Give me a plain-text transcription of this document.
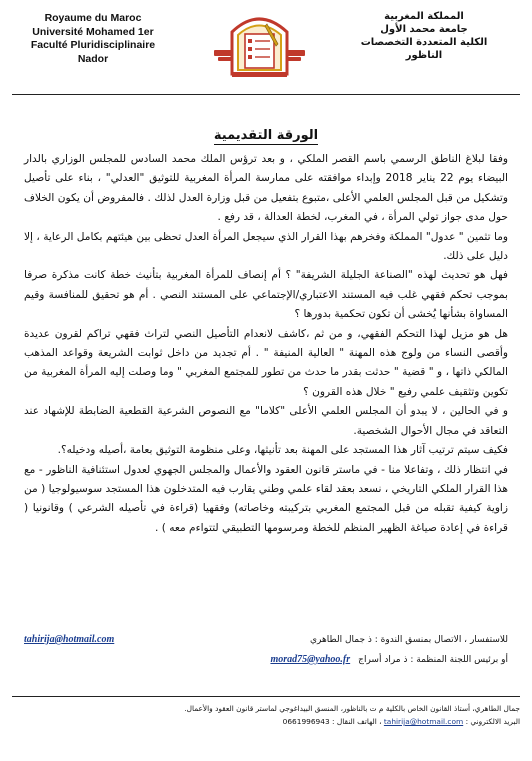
Royaume du Maroc
Université Mohamed 1er
Faculté Pluridisciplinaire
Nador
المملكة المغربية
جامعة محمد الأول
الكلية المتعددة التخصصات
الناظور
الورقة التقديمية

وفقا لبلاغ الناطق الرسمي باسم القصر الملكي ، و بعد ترؤس الملك محمد السادس للمجلس الوزاري بالدار البيضاء يوم 22 يناير 2018 وإبداء موافقته على ممارسة المرأة المغربية للتوثيق "العدلي" ، بناء على تأصيل وتشكيل من قبل المجلس العلمي الأعلى ،متبوع بتفعيل من قبل وزارة العدل لذلك . فالمفروض أن يكون الخلاف حول مدى جواز تولي المرأة ، في المغرب، لخطة العدالة ، قد رفع .

وما تثمين " عدول" المملكة وفخرهم بهذا القرار الذي سيجعل المرأة العدل تحظى بين هيئتهم بكامل الرعاية ، إلا دليل على ذلك.

فهل هو تحديث لهذه "الصناعة الجليلة الشريفة" ؟ أم إنصاف للمرأة المغربية بتأنيث خطة كانت مذكرة صرفا بموجب تحكم فقهي غلب فيه المستند الاعتباري/الإجتماعي على المستند النصي . أم هو تحقيق للمنافسة وقيم المساواة بشأنها يُخشى أن تكون تحكمية بدورها ؟

هل هو مزيل لهذا التحكم الفقهي، و من ثم ،كاشف لانعدام التأصيل النصي لتراث فقهي تراكم لقرون عديدة وأقصى النساء من ولوج هذه المهنة " العالية المنيفة " . أم تجديد من داخل ثوابت الشريعة وقواعد المذهب المالكي ذاتها ، و " قضية " حدثت بقدر ما حدث من تطور للمجتمع المغربي " وما وصلت إليه المرأة المغربية من تكوين وتثقيف علمي رفيع " خلال هذه القرون ؟

و في الحالين ، لا يبدو أن المجلس العلمي الأعلى "كلاما" مع النصوص الشرعية القطعية الضابطة للإشهاد عند التعاقد في مجال الأحوال الشخصية.

فكيف سيتم ترتيب آثار هذا المستجد على المهنة بعد تأنيثها، وعلى منظومة التوثيق بعامة ،أصيله ودخيله؟.

في انتظار ذلك ، وتفاعلا منا - في ماستر قانون العقود والأعمال والمجلس الجهوي لعدول استئنافية الناظور - مع هذا القرار الملكي التاريخي ، نسعد بعقد لقاء علمي وطني يقارب فيه المتدخلون هذا المستجد سوسيولوجيا ( من زاوية كيفية تقبله من قبل المجتمع المغربي بتركيبته وخاصاته) وفقهيا (قراءة في تأصيله الشرعي ) وقانونيا ( قراءة في إعادة صياغة الظهير المنظم للخطة ومرسومها التطبيقي لتتواءم معه ) .

للاستفسار ، الاتصال بمنسق الندوة : ذ جمال الطاهري
tahirija@hotmail.com
أو برئيس اللجنة المنظمة : ذ مراد أسراج
morad75@yahoo.fr
جمال الطاهري، أستاذ القانون الخاص بالكلية م ت بالناظور، المنسق البيداغوجي لماستر قانون العقود والأعمال.
البريد الالكتروني : tahirija@hotmail.com ، الهاتف النقال : 0661996943
